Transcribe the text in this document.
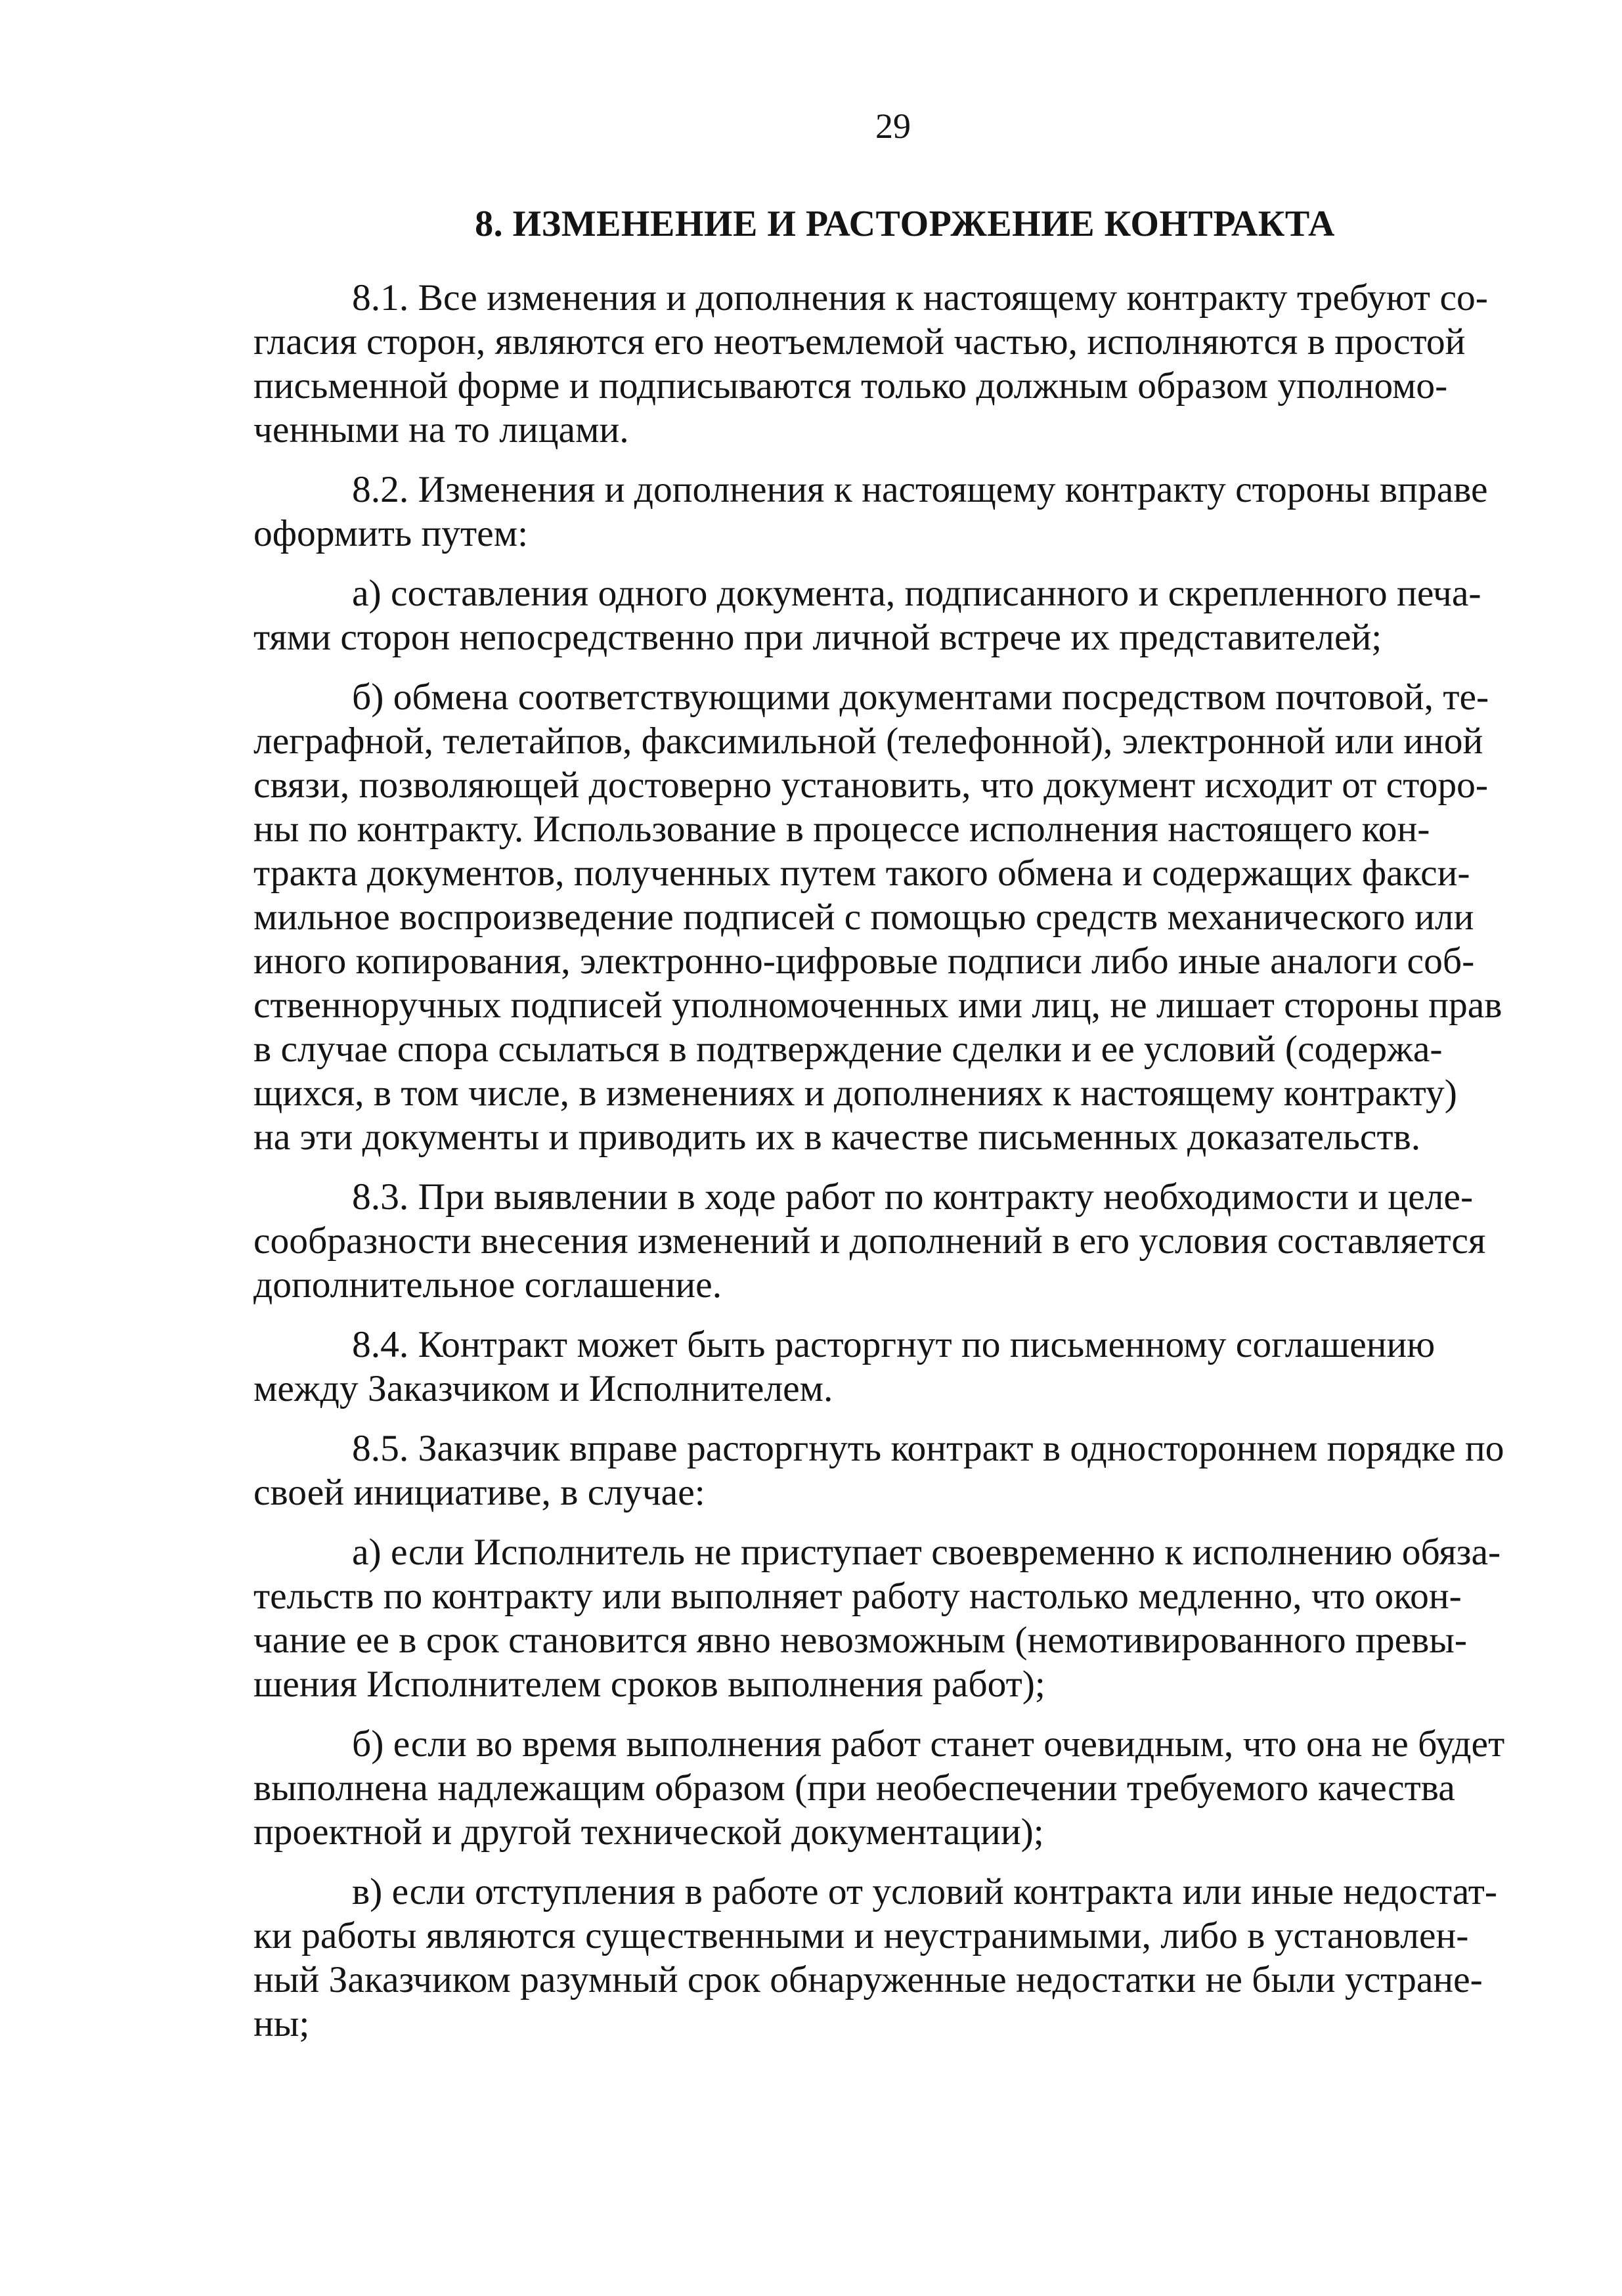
29
8. ИЗМЕНЕНИЕ И РАСТОРЖЕНИЕ КОНТРАКТА

8.1. Все изменения и дополнения к настоящему контракту требуют со-
гласия сторон, являются его неотъемлемой частью, исполняются в простой
письменной форме и подписываются только должным образом уполномо-
ченными на то лицами.

8.2. Изменения и дополнения к настоящему контракту стороны вправе
оформить путем:

а) составления одного документа, подписанного и скрепленного печа-
тями сторон непосредственно при личной встрече их представителей;

б) обмена соответствующими документами посредством почтовой, те-
леграфной, телетайпов, факсимильной (телефонной), электронной или иной
связи, позволяющей достоверно установить, что документ исходит от сторо-
ны по контракту. Использование в процессе исполнения настоящего кон-
тракта документов, полученных путем такого обмена и содержащих факси-
мильное воспроизведение подписей с помощью средств механического или
иного копирования, электронно-цифровые подписи либо иные аналоги соб-
ственноручных подписей уполномоченных ими лиц, не лишает стороны прав
в случае спора ссылаться в подтверждение сделки и ее условий (содержа-
щихся, в том числе, в изменениях и дополнениях к настоящему контракту)
на эти документы и приводить их в качестве письменных доказательств.

8.3. При выявлении в ходе работ по контракту необходимости и целе-
сообразности внесения изменений и дополнений в его условия составляется
дополнительное соглашение.

8.4. Контракт может быть расторгнут по письменному соглашению
между Заказчиком и Исполнителем.

8.5. Заказчик вправе расторгнуть контракт в одностороннем порядке по
своей инициативе, в случае:

а) если Исполнитель не приступает своевременно к исполнению обяза-
тельств по контракту или выполняет работу настолько медленно, что окон-
чание ее в срок становится явно невозможным (немотивированного превы-
шения Исполнителем сроков выполнения работ);

б) если во время выполнения работ станет очевидным, что она не будет
выполнена надлежащим образом (при необеспечении требуемого качества
проектной и другой технической документации);

в) если отступления в работе от условий контракта или иные недостат-
ки работы являются существенными и неустранимыми, либо в установлен-
ный Заказчиком разумный срок обнаруженные недостатки не были устране-
ны;
